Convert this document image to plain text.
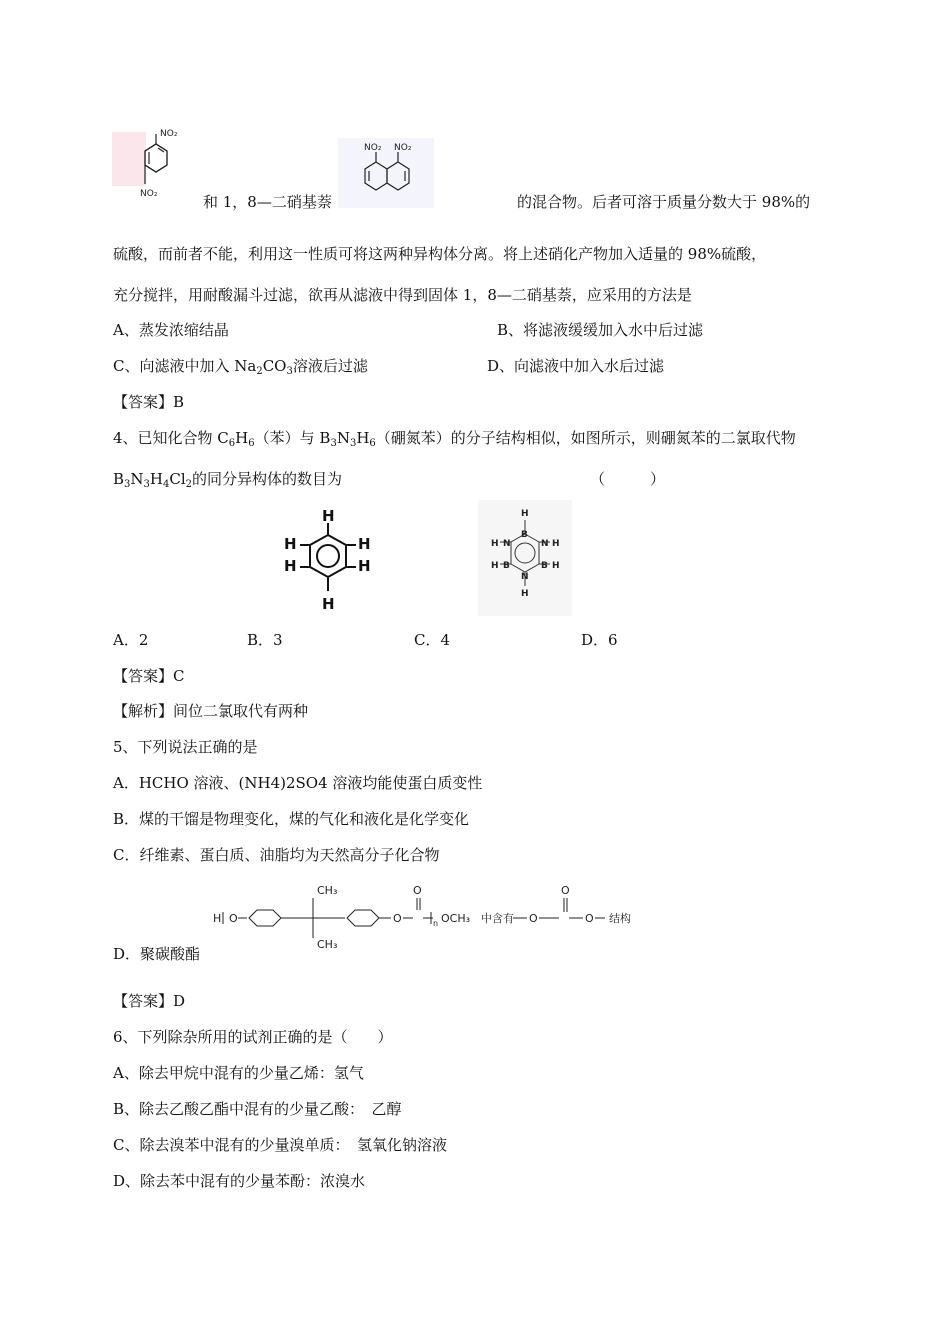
NO₂
NO₂	和 1，8—二硝基萘
NO₂ NO₂
的混合物。后者可溶于质量分数大于 98%的
硫酸，而前者不能，利用这一性质可将这两种异构体分离。将上述硝化产物加入适量的 98%硫酸，
充分搅拌，用耐酸漏斗过滤，欲再从滤液中得到固体 1，8—二硝基萘，应采用的方法是
A、蒸发浓缩结晶	B、将滤液缓缓加入水中后过滤
C、向滤液中加入 $Na_2CO_3$溶液后过滤	D、向滤液中加入水后过滤
【答案】B
4、已知化合物 $C_6H_6$（苯）与 $B_3N_3H_6$（硼氮苯）的分子结构相似，如图所示，则硼氮苯的二氯取代物
$B_3N_3H_4Cl_2$的同分异构体的数目为	（　　　）
H
H
H
H
H
H
H
B
N H
B H
N
H
B
H
N
H
A．2	B．3	C．4	D．6
【答案】C
【解析】间位二氯取代有两种
5、下列说法正确的是
A．HCHO 溶液、(NH4)2SO4 溶液均能使蛋白质变性
B．煤的干馏是物理变化，煤的气化和液化是化学变化
C．纤维素、蛋白质、油脂均为天然高分子化合物
H O
CH₃
CH₃
O
O
n OCH₃ 中含有 O
O
O 结构
D．聚碳酸酯
【答案】D
6、下列除杂所用的试剂正确的是（　　）
A、除去甲烷中混有的少量乙烯：氢气
B、除去乙酸乙酯中混有的少量乙酸：　乙醇
C、除去溴苯中混有的少量溴单质：　氢氧化钠溶液
D、除去苯中混有的少量苯酚：浓溴水
